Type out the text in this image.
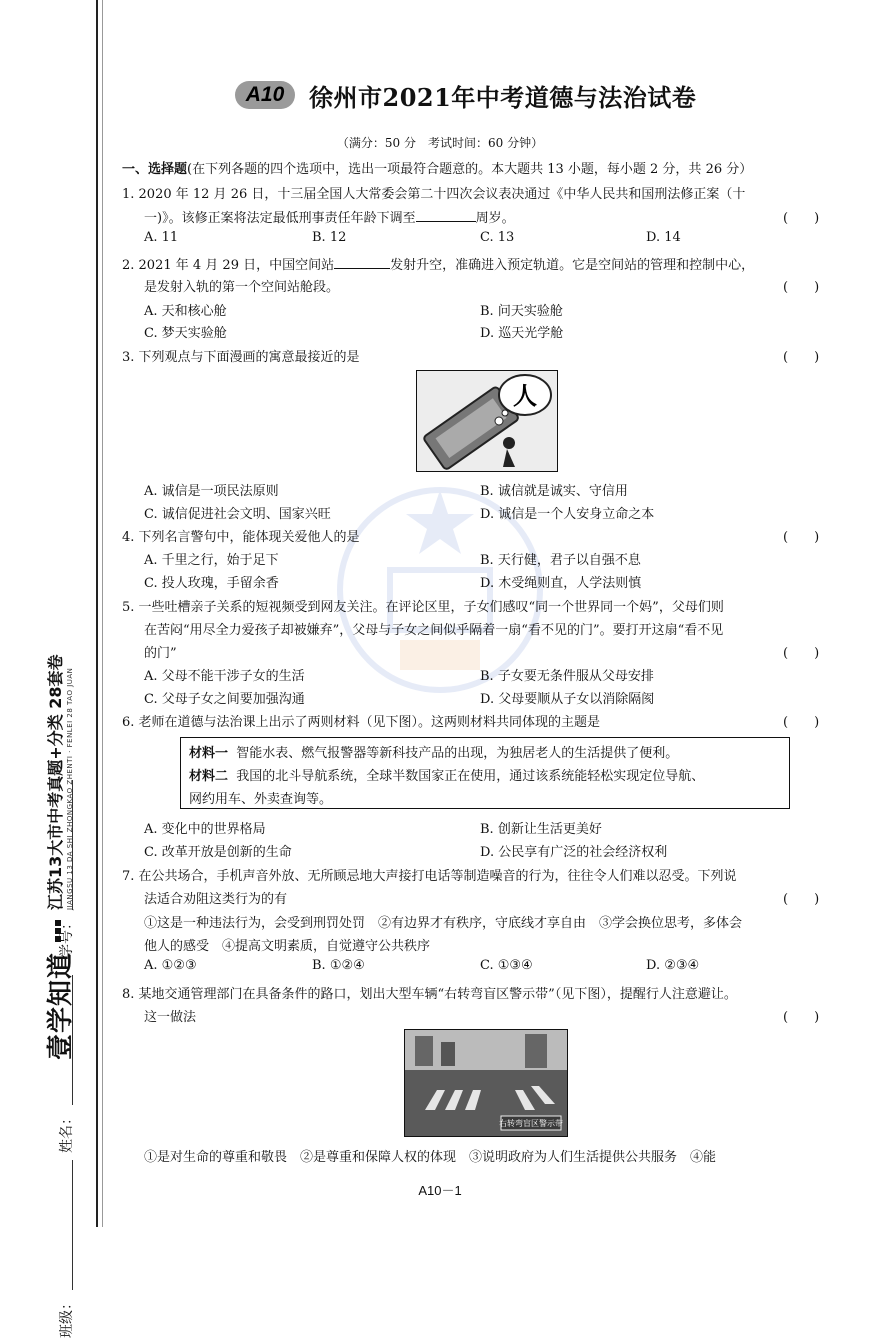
壹学知道
江苏13大市中考真题+分类 28套卷 JIANGSU 13 DA SHI ZHONGKAO ZHENTI · FENLEI 28 TAO JUAN
学号：
姓名：
班级：
A10	徐州市2021年中考道德与法治试卷
（满分：50 分　考试时间：60 分钟）
一、选择题(在下列各题的四个选项中，选出一项最符合题意的。本大题共 13 小题，每小题 2 分，共 26 分）
1. 2020 年 12 月 26 日，十三届全国人大常委会第二十四次会议表决通过《中华人民共和国刑法修正案（十
一)》。该修正案将法定最低刑事责任年龄下调至	周岁。	(　　)
A. 11	B. 12	C. 13	D. 14
2. 2021 年 4 月 29 日，中国空间站	发射升空，准确进入预定轨道。它是空间站的管理和控制中心，
是发射入轨的第一个空间站舱段。	(　　)
A. 天和核心舱	B. 问天实验舱
C. 梦天实验舱	D. 巡天光学舱
3. 下列观点与下面漫画的寓意最接近的是	(　　)
人
A. 诚信是一项民法原则	B. 诚信就是诚实、守信用
C. 诚信促进社会文明、国家兴旺	D. 诚信是一个人安身立命之本
4. 下列名言警句中，能体现关爱他人的是	(　　)
A. 千里之行，始于足下	B. 天行健，君子以自强不息
C. 投人玫瑰，手留余香	D. 木受绳则直，人学法则慎
5. 一些吐槽亲子关系的短视频受到网友关注。在评论区里，子女们感叹“同一个世界同一个妈”，父母们则
在苦闷“用尽全力爱孩子却被嫌弃”，父母与子女之间似乎隔着一扇“看不见的门”。要打开这扇“看不见
的门”	(　　)
A. 父母不能干涉子女的生活	B. 子女要无条件服从父母安排
C. 父母子女之间要加强沟通	D. 父母要顺从子女以消除隔阂
6. 老师在道德与法治课上出示了两则材料（见下图）。这两则材料共同体现的主题是	(　　)
材料一 智能水表、燃气报警器等新科技产品的出现，为独居老人的生活提供了便利。
材料二 我国的北斗导航系统，全球半数国家正在使用，通过该系统能轻松实现定位导航、
网约用车、外卖查询等。
A. 变化中的世界格局	B. 创新让生活更美好
C. 改革开放是创新的生命	D. 公民享有广泛的社会经济权利
7. 在公共场合，手机声音外放、无所顾忌地大声接打电话等制造噪音的行为，往往令人们难以忍受。下列说
法适合劝阻这类行为的有	(　　)
①这是一种违法行为，会受到刑罚处罚　②有边界才有秩序，守底线才享自由　③学会换位思考，多体会
他人的感受　④提高文明素质，自觉遵守公共秩序
A. ①②③	B. ①②④	C. ①③④	D. ②③④
8. 某地交通管理部门在具备条件的路口，划出大型车辆“右转弯盲区警示带”（见下图），提醒行人注意避让。
这一做法	(　　)
右转弯盲区警示带
①是对生命的尊重和敬畏　②是尊重和保障人权的体现　③说明政府为人们生活提供公共服务　④能
A10－1
